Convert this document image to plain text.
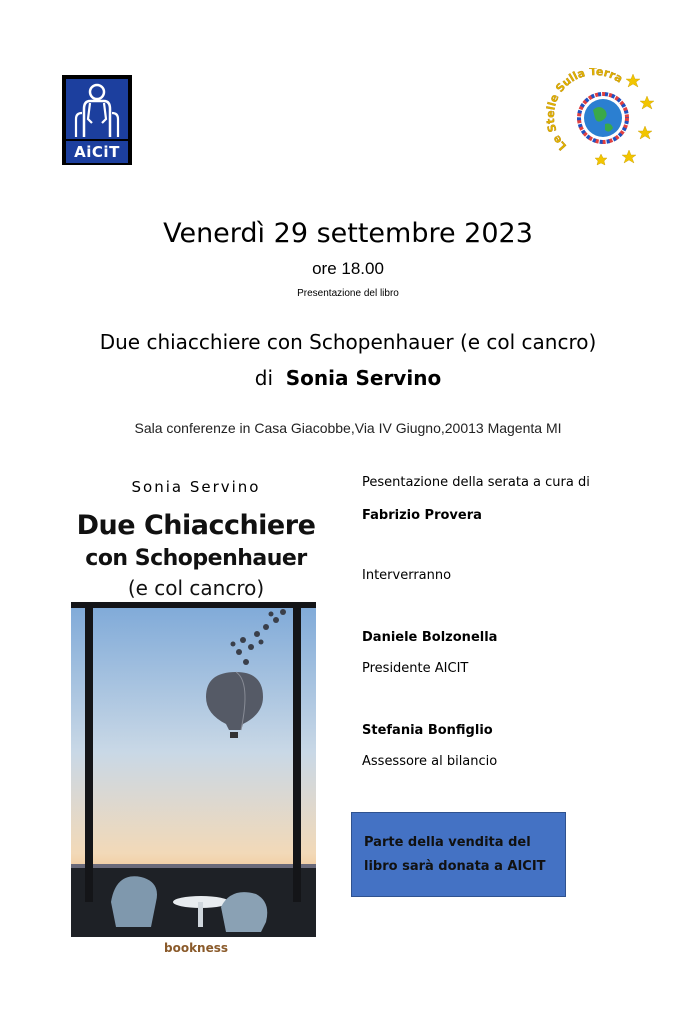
AiCiT	Le Stelle Sulla Terra
Venerdì 29 settembre 2023
ore 18.00
Presentazione del libro
Due chiacchiere con Schopenhauer (e col cancro)
di Sonia Servino
Sala conferenze in Casa Giacobbe,Via IV Giugno,20013 Magenta MI
Sonia Servino
Due Chiacchiere
con Schopenhauer
(e col cancro)
bookness
Pesentazione della serata a cura di
Fabrizio Provera
Interverranno
Daniele Bolzonella
Presidente AICIT
Stefania Bonfiglio
Assessore al bilancio
Parte della vendita del
libro sarà donata a AICIT
